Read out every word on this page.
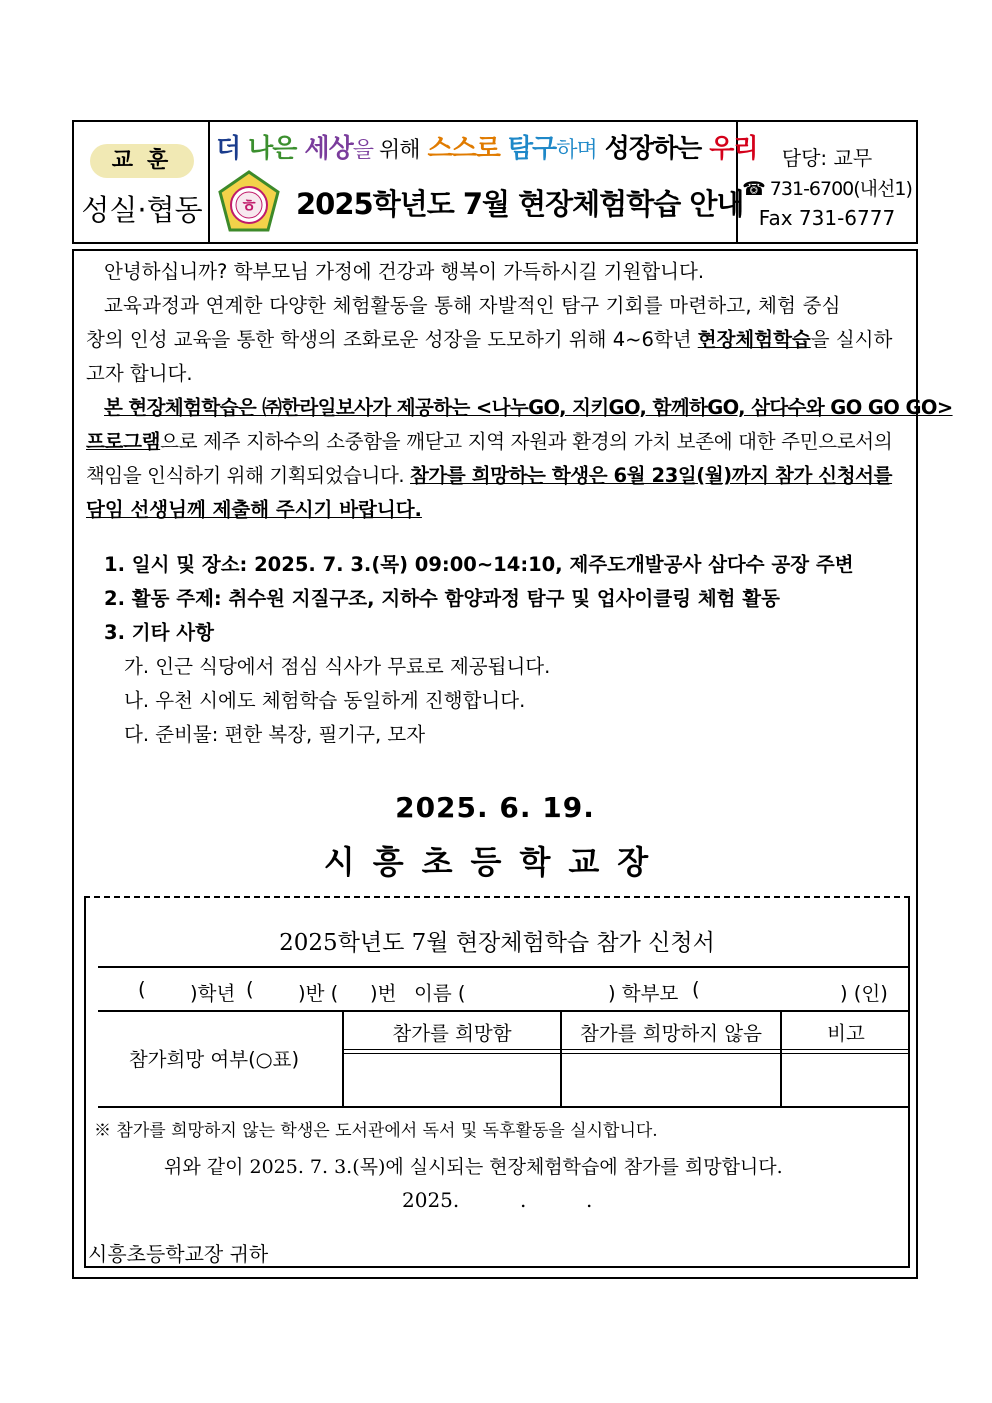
교훈
성실·협동
더 나은 세상을 위해 스스로 탐구하며 성장하는 우리
ㅎ 2025학년도 7월 현장체험학습 안내
담당: 교무
☎ 731-6700(내선1)
Fax 731-6777
안녕하십니까? 학부모님 가정에 건강과 행복이 가득하시길 기원합니다.
교육과정과 연계한 다양한 체험활동을 통해 자발적인 탐구 기회를 마련하고, 체험 중심
창의 인성 교육을 통한 학생의 조화로운 성장을 도모하기 위해 4~6학년 현장체험학습을 실시하
고자 합니다.
본 현장체험학습은 ㈜한라일보사가 제공하는 <나누GO, 지키GO, 함께하GO, 삼다수와 GO GO GO>
프로그램으로 제주 지하수의 소중함을 깨닫고 지역 자원과 환경의 가치 보존에 대한 주민으로서의
책임을 인식하기 위해 기획되었습니다. 참가를 희망하는 학생은 6월 23일(월)까지 참가 신청서를
담임 선생님께 제출해 주시기 바랍니다.
1. 일시 및 장소: 2025. 7. 3.(목) 09:00~14:10, 제주도개발공사 삼다수 공장 주변
2. 활동 주제: 취수원 지질구조, 지하수 함양과정 탐구 및 업사이클링 체험 활동
3. 기타 사항
가. 인근 식당에서 점심 식사가 무료로 제공됩니다.
나. 우천 시에도 체험학습 동일하게 진행합니다.
다. 준비물: 편한 복장, 필기구, 모자
2025. 6. 19.
시흥초등학교장
2025학년도 7월 현장체험학습 참가 신청서
( )학년 ( )반 ( )번 이름 (	) 학부모 (	) (인)
참가희망 여부(○표)
참가를 희망함	참가를 희망하지 않음	비고
※ 참가를 희망하지 않는 학생은 도서관에서 독서 및 독후활동을 실시합니다.
위와 같이 2025. 7. 3.(목)에 실시되는 현장체험학습에 참가를 희망합니다.
2025.	.	.
시흥초등학교장 귀하
